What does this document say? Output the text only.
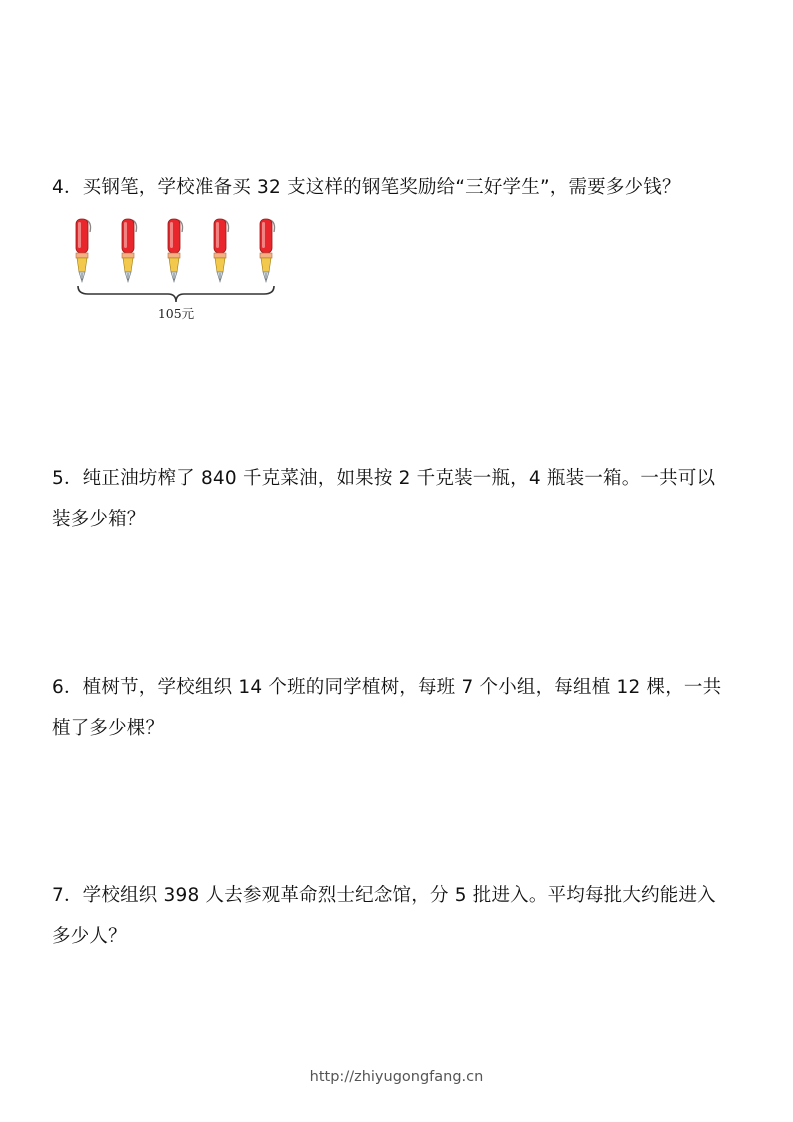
4．买钢笔，学校准备买 32 支这样的钢笔奖励给“三好学生”，需要多少钱？
105元
5．纯正油坊榨了 840 千克菜油，如果按 2 千克装一瓶，4 瓶装一箱。一共可以
装多少箱？
6．植树节，学校组织 14 个班的同学植树，每班 7 个小组，每组植 12 棵，一共
植了多少棵？
7．学校组织 398 人去参观革命烈士纪念馆，分 5 批进入。平均每批大约能进入
多少人？
http://zhiyugongfang.cn
